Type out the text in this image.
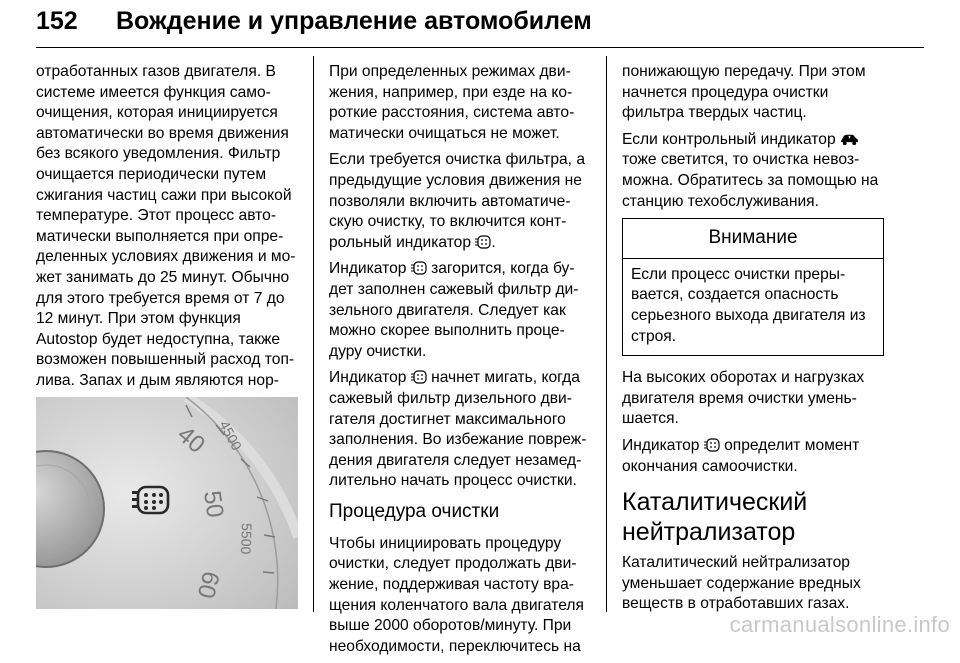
152 Вождение и управление автомобилем

отработанных газов двигателя. В системе имеется функция самоочищения, которая инициируется автоматически во время движения без всякого уведомления. Фильтр очищается периодически путем сжигания частиц сажи при высокой температуре. Этот процесс автоматически выполняется при определенных условиях движения и может занимать до 25 минут. Обычно для этого требуется время от 7 до 12 минут. При этом функция Autostop будет недоступна, также возможен повышенный расход топлива. Запах и дым являются нор

40 4500
50
5500
60

При определенных режимах движения, например, при езде на короткие расстояния, система автоматически очищаться не может.

Если требуется очистка фильтра, а предыдущие условия движения не позволяли включить автоматическую очистку, то включится контрольный индикатор .

Индикатор  загорится, когда будет заполнен сажевый фильтр дизельного двигателя. Следует как можно скорее выполнить процедуру очистки.

Индикатор  начнет мигать, когда сажевый фильтр дизельного двигателя достигнет максимального заполнения. Во избежание повреждения двигателя следует незамедлительно начать процесс очистки.

Процедура очистки

Чтобы инициировать процедуру очистки, следует продолжать движение, поддерживая частоту вращения коленчатого вала двигателя выше 2000 оборотов/минуту. При необходимости, переключитесь на

понижающую передачу. При этом начнется процедура очистки фильтра твердых частиц.

Если контрольный индикатор  тоже светится, то очистка невозможна. Обратитесь за помощью на станцию техобслуживания.

Внимание
Если процесс очистки прерывается, создается опасность серьезного выхода двигателя из строя.

На высоких оборотах и нагрузках двигателя время очистки уменьшается.

Индикатор  определит момент окончания самоочистки.

Каталитический нейтрализатор

Каталитический нейтрализатор уменьшает содержание вредных веществ в отработавших газах.

carmanualsonline.info
